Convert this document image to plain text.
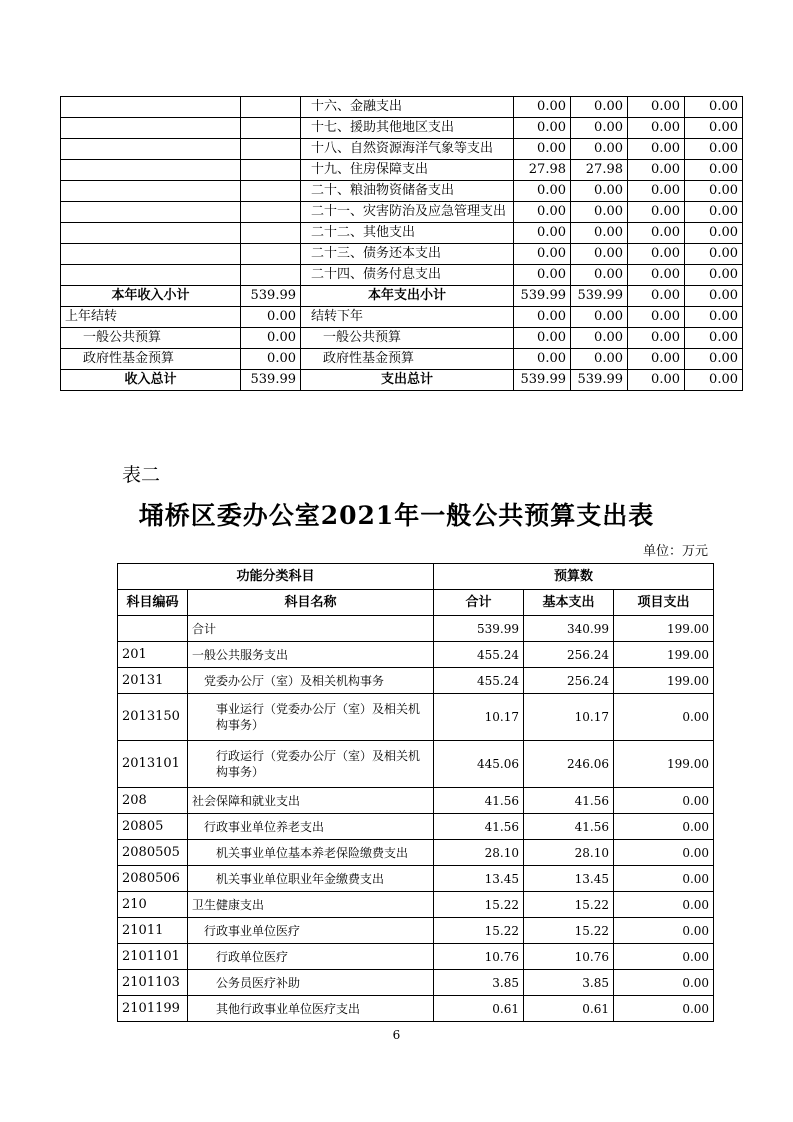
		十六、金融支出	0.00	0.00	0.00	0.00
		十七、援助其他地区支出	0.00	0.00	0.00	0.00
		十八、自然资源海洋气象等支出	0.00	0.00	0.00	0.00
		十九、住房保障支出	27.98	27.98	0.00	0.00
		二十、粮油物资储备支出	0.00	0.00	0.00	0.00
		二十一、灾害防治及应急管理支出	0.00	0.00	0.00	0.00
		二十二、其他支出	0.00	0.00	0.00	0.00
		二十三、债务还本支出	0.00	0.00	0.00	0.00
		二十四、债务付息支出	0.00	0.00	0.00	0.00
本年收入小计	539.99	本年支出小计	539.99	539.99	0.00	0.00
上年结转	0.00	结转下年	0.00	0.00	0.00	0.00
一般公共预算	0.00	一般公共预算	0.00	0.00	0.00	0.00
政府性基金预算	0.00	政府性基金预算	0.00	0.00	0.00	0.00
收入总计	539.99	支出总计	539.99	539.99	0.00	0.00
表二
埇桥区委办公室2021年一般公共预算支出表
单位：万元
功能分类科目		预算数		
科目编码	科目名称	合计	基本支出	项目支出
	合计	539.99	340.99	199.00
201	一般公共服务支出	455.24	256.24	199.00
20131	党委办公厅（室）及相关机构事务	455.24	256.24	199.00
2013150	事业运行（党委办公厅（室）及相关机构事务）	10.17	10.17	0.00
2013101	行政运行（党委办公厅（室）及相关机构事务）	445.06	246.06	199.00
208	社会保障和就业支出	41.56	41.56	0.00
20805	行政事业单位养老支出	41.56	41.56	0.00
2080505	机关事业单位基本养老保险缴费支出	28.10	28.10	0.00
2080506	机关事业单位职业年金缴费支出	13.45	13.45	0.00
210	卫生健康支出	15.22	15.22	0.00
21011	行政事业单位医疗	15.22	15.22	0.00
2101101	行政单位医疗	10.76	10.76	0.00
2101103	公务员医疗补助	3.85	3.85	0.00
2101199	其他行政事业单位医疗支出	0.61	0.61	0.00
6
